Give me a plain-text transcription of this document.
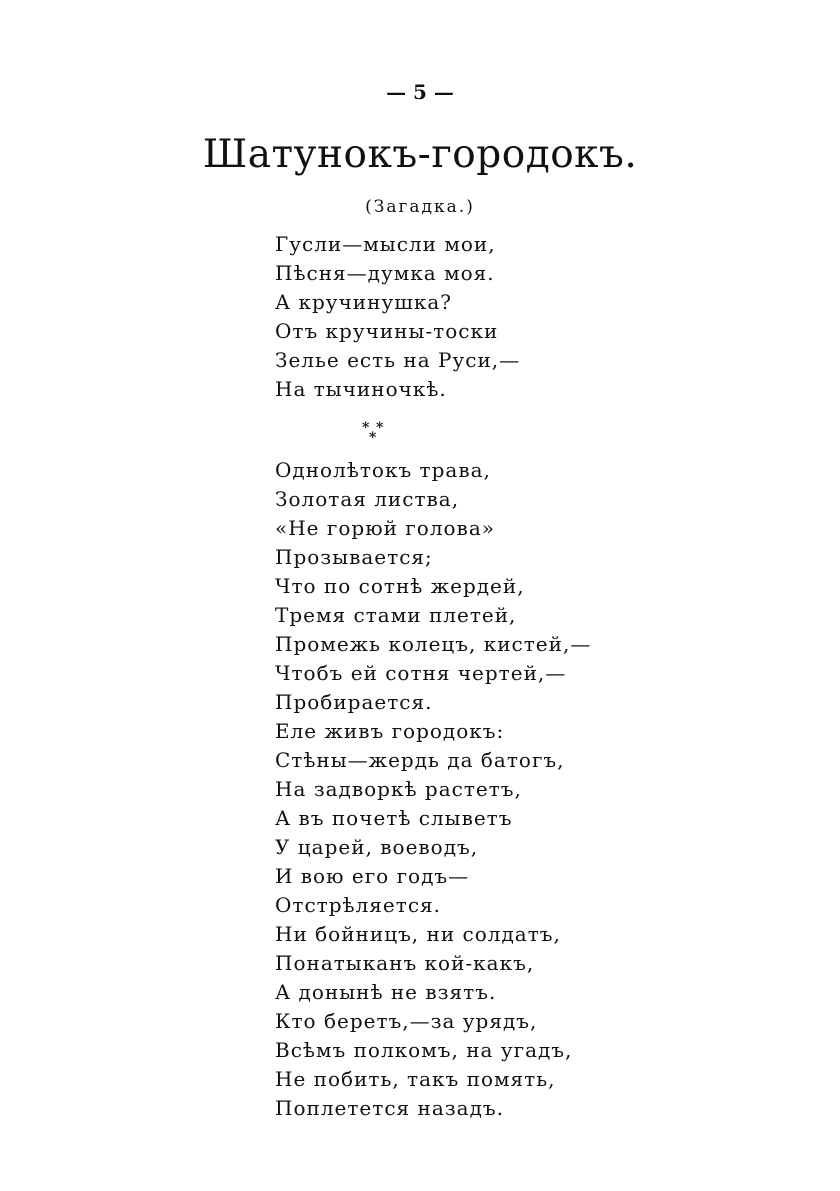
— 5 —
Шатунокъ-городокъ.
(Загадка.)
Гусли—мысли мои,
Пѣсня—думка моя.
А кручинушка?
Отъ кручины-тоски
Зелье есть на Руси,—
На тычиночкѣ.
* *
*
Однолѣтокъ трава,
Золотая листва,
«Не горюй голова»
Прозывается;
Что по сотнѣ жердей,
Тремя стами плетей,
Промежь колецъ, кистей,—
Чтобъ ей сотня чертей,—
Пробирается.
Еле живъ городокъ:
Стѣны—жердь да батогъ,
На задворкѣ растетъ,
А въ почетѣ слыветъ
У царей, воеводъ,
И вою его годъ—
Отстрѣляется.
Ни бойницъ, ни солдатъ,
Понатыканъ кой-какъ,
А донынѣ не взятъ.
Кто беретъ,—за урядъ,
Всѣмъ полкомъ, на угадъ,
Не побить, такъ помять,
Поплетется назадъ.
